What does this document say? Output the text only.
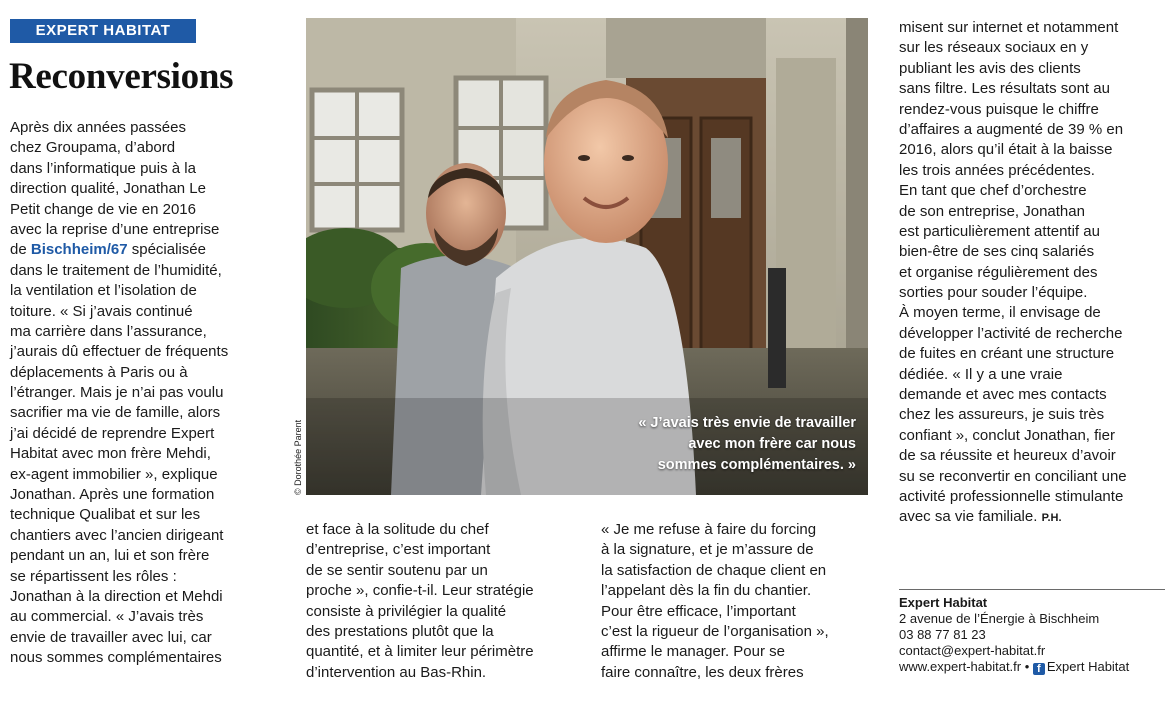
EXPERT HABITAT
Reconversions
Après dix années passées
chez Groupama, d’abord
dans l’informatique puis à la
direction qualité, Jonathan Le
Petit change de vie en 2016
avec la reprise d’une entreprise
de Bischheim/67 spécialisée
dans le traitement de l’humidité,
la ventilation et l’isolation de
toiture. « Si j’avais continué
ma carrière dans l’assurance,
j’aurais dû effectuer de fréquents
déplacements à Paris ou à
l’étranger. Mais je n’ai pas voulu
sacrifier ma vie de famille, alors
j’ai décidé de reprendre Expert
Habitat avec mon frère Mehdi,
ex-agent immobilier », explique
Jonathan. Après une formation
technique Qualibat et sur les
chantiers avec l’ancien dirigeant
pendant un an, lui et son frère
se répartissent les rôles :
Jonathan à la direction et Mehdi
au commercial. « J’avais très
envie de travailler avec lui, car
nous sommes complémentaires
« J’avais très envie de travailler
avec mon frère car nous
sommes complémentaires. »
© Dorothée Parent
et face à la solitude du chef
d’entreprise, c’est important
de se sentir soutenu par un
proche », confie-t-il. Leur stratégie
consiste à privilégier la qualité
des prestations plutôt que la
quantité, et à limiter leur périmètre
d’intervention au Bas-Rhin.
« Je me refuse à faire du forcing
à la signature, et je m’assure de
la satisfaction de chaque client en
l’appelant dès la fin du chantier.
Pour être efficace, l’important
c’est la rigueur de l’organisation »,
affirme le manager. Pour se
faire connaître, les deux frères
misent sur internet et notamment
sur les réseaux sociaux en y
publiant les avis des clients
sans filtre. Les résultats sont au
rendez-vous puisque le chiffre
d’affaires a augmenté de 39 % en
2016, alors qu’il était à la baisse
les trois années précédentes.
En tant que chef d’orchestre
de son entreprise, Jonathan
est particulièrement attentif au
bien-être de ses cinq salariés
et organise régulièrement des
sorties pour souder l’équipe.
À moyen terme, il envisage de
développer l’activité de recherche
de fuites en créant une structure
dédiée. « Il y a une vraie
demande et avec mes contacts
chez les assureurs, je suis très
confiant », conclut Jonathan, fier
de sa réussite et heureux d’avoir
su se reconvertir en conciliant une
activité professionnelle stimulante
avec sa vie familiale. P.H.
Expert Habitat
2 avenue de l’Énergie à Bischheim
03 88 77 81 23
contact@expert-habitat.fr
www.expert-habitat.fr • f Expert Habitat
